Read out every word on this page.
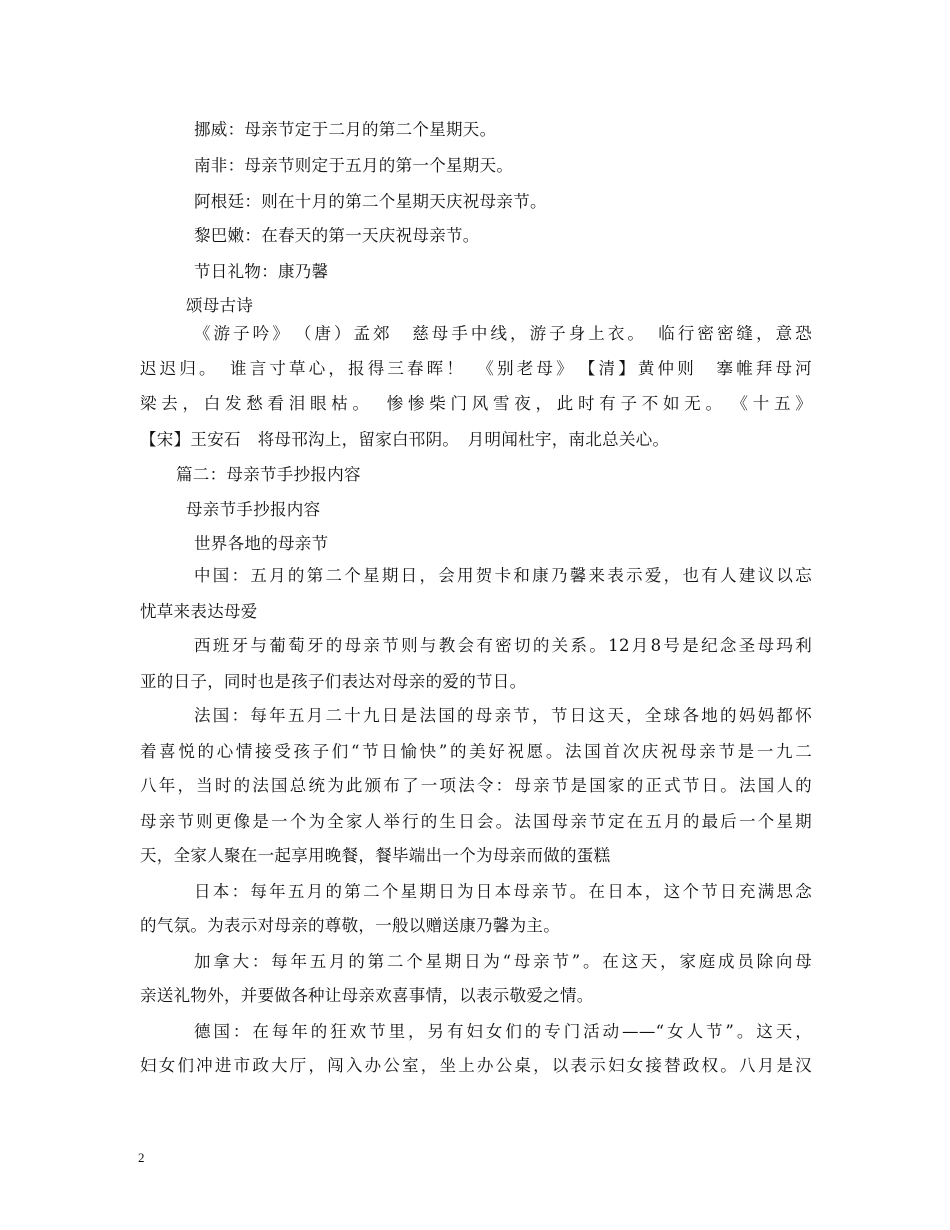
挪威：母亲节定于二月的第二个星期天。
南非：母亲节则定于五月的第一个星期天。
阿根廷：则在十月的第二个星期天庆祝母亲节。
黎巴嫩：在春天的第一天庆祝母亲节。
节日礼物：康乃馨
颂母古诗
《游子吟》　（唐）孟郊　慈母手中线，游子身上衣。　临行密密缝，意恐
迟迟归。　谁言寸草心，报得三春晖！　《别老母》　【清】黄仲则　搴帷拜母河
梁去，白发愁看泪眼枯。　惨惨柴门风雪夜，此时有子不如无。　《十五》
【宋】王安石　将母邗沟上，留家白邗阴。　月明闻杜宇，南北总关心。
篇二：母亲节手抄报内容
母亲节手抄报内容
世界各地的母亲节
中国：五月的第二个星期日，会用贺卡和康乃馨来表示爱，也有人建议以忘
忧草来表达母爱
西班牙与葡萄牙的母亲节则与教会有密切的关系。12月8号是纪念圣母玛利
亚的日子，同时也是孩子们表达对母亲的爱的节日。
法国：每年五月二十九日是法国的母亲节，节日这天，全球各地的妈妈都怀
着喜悦的心情接受孩子们“节日愉快”的美好祝愿。法国首次庆祝母亲节是一九二
八年，当时的法国总统为此颁布了一项法令：母亲节是国家的正式节日。法国人的
母亲节则更像是一个为全家人举行的生日会。法国母亲节定在五月的最后一个星期
天，全家人聚在一起享用晚餐，餐毕端出一个为母亲而做的蛋糕
日本：每年五月的第二个星期日为日本母亲节。在日本，这个节日充满思念
的气氛。为表示对母亲的尊敬，一般以赠送康乃馨为主。
加拿大：每年五月的第二个星期日为“母亲节”。在这天，家庭成员除向母
亲送礼物外，并要做各种让母亲欢喜事情，以表示敬爱之情。
德国：在每年的狂欢节里，另有妇女们的专门活动——“女人节”。这天，
妇女们冲进市政大厅，闯入办公室，坐上办公桌，以表示妇女接替政权。八月是汉
2
